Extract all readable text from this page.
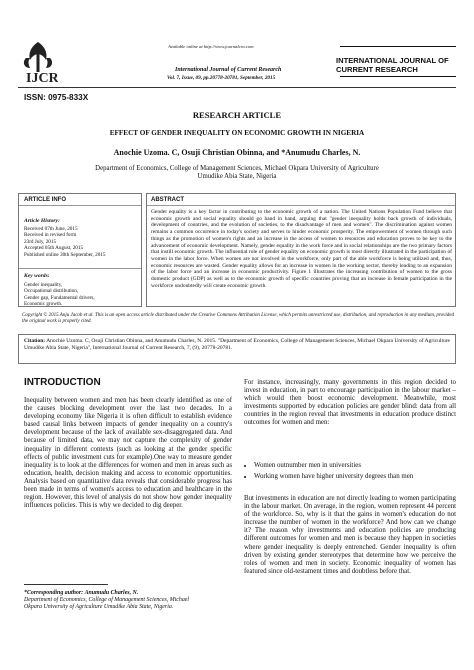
IJCR
Available online at http://www.journalcra.com
International Journal of Current Research
Vol. 7, Issue, 09, pp.20778-20781, September, 2015
INTERNATIONAL JOURNAL OF CURRENT RESEARCH
ISSN: 0975-833X
RESEARCH ARTICLE
EFFECT OF GENDER INEQUALITY ON ECONOMIC GROWTH IN NIGERIA
Anochie Uzoma. C, Osuji Christian Obinna, and *Anumudu Charles, N.
Department of Economics, College of Management Sciences, Michael Okpara University of Agriculture
Umudike Abia State, Nigeria
ARTICLE INFO
Article History:
Received 07th June, 2015
Received in revised form
23rd July, 2015
Accepted 05th August, 2015
Published online 30th September, 2015
Key words:
Gender inequality,
Occupational distribution,
Gender gap, Fundamental drivers,
Economic growth.
ABSTRACT
Gender equality is a key factor in contributing to the economic growth of a nation. The United Nations Population Fund believe that economic growth and social equality should go hand in hand, arguing that "gender inequality holds back growth of individuals, development of countries, and the evolution of societies, to the disadvantage of men and women". The discrimination against women remains a common occurrence in today's society and serves to hinder economic prosperity. The empowerment of women through such things as the promotion of women's rights and an increase in the access of women to resources and education proves to be key to the advancement of economic development. Namely, gender equality in the work force and in social relationships are the two primary factors that instill economic growth. The influential role of gender equality on economic growth is most directly illustrated in the participation of women in the labor force. When women are not involved in the workforce, only part of the able workforce is being utilized and, thus, economic resources are wasted. Gender equality allows for an increase in women in the working sector, thereby leading to an expansion of the labor force and an increase in economic productivity. Figure 1 illustrates the increasing contribution of women to the gross domestic product (GDP) as well as to the economic growth of specific countries proving that an increase in female participation in the workforce undoubtedly will create economic growth.
Copyright © 2015 Anju Jacob et al. This is an open access article distributed under the Creative Commons Attribution License, which permits unrestricted use, distribution, and reproduction in any medium, provided the original work is properly cited.
Citation: Anochie Uzoma. C, Osuji Christian Obinna, and Anumudu Charles, N. 2015. "Department of Economics, College of Management Sciences, Michael Okpara University of Agriculture Umudike Abia State, Nigeria", International Journal of Current Research, 7, (9), 20778-20781.
INTRODUCTION
Inequality between women and men has been clearly identified as one of the causes blocking development over the last two decades. In a developing economy like Nigeria it is often difficult to establish evidence based causal links between impacts of gender inequality on a country's development because of the lack of available sex-disaggregated data. And because of limited data, we may not capture the complexity of gender inequality in different contexts (such as looking at the gender specific effects of public investment cuts for example).One way to measure gender inequality is to look at the differences for women and men in areas such as education, health, decision making and access to economic opportunities. Analysis based on quantitative data reveals that considerable progress has been made in terms of women's access to education and healthcare in the region. However, this level of analysis do not show how gender inequality influences policies. This is why we decided to dig deeper.
*Corresponding author: Anumudu Charles, N.
Department of Economics, College of Management Sciences, Michael
Okpara University of Agriculture Umudike Abia State, Nigeria.
For instance, increasingly, many governments in this region decided to invest in education, in part to encourage participation in the labour market – which would then boost economic development. Meanwhile, most investments supported by education policies are gender blind: data from all countries in the region reveal that investments in education produce distinct outcomes for women and men:
• Women outnumber men in universities
• Working women have higher university degrees than men
But investments in education are not directly leading to women participating in the labour market. On average, in the region, women represent 44 percent of the workforce. So, why is it that the gains in women's education do not increase the number of women in the workforce? And how can we change it? The reason why investments and education policies are producing different outcomes for women and men is because they happen in societies where gender inequality is deeply entrenched. Gender inequality is often driven by existing gender stereotypes that determine how we perceive the roles of women and men in society. Economic inequality of women has featured since old-testament times and doubtless before that.
